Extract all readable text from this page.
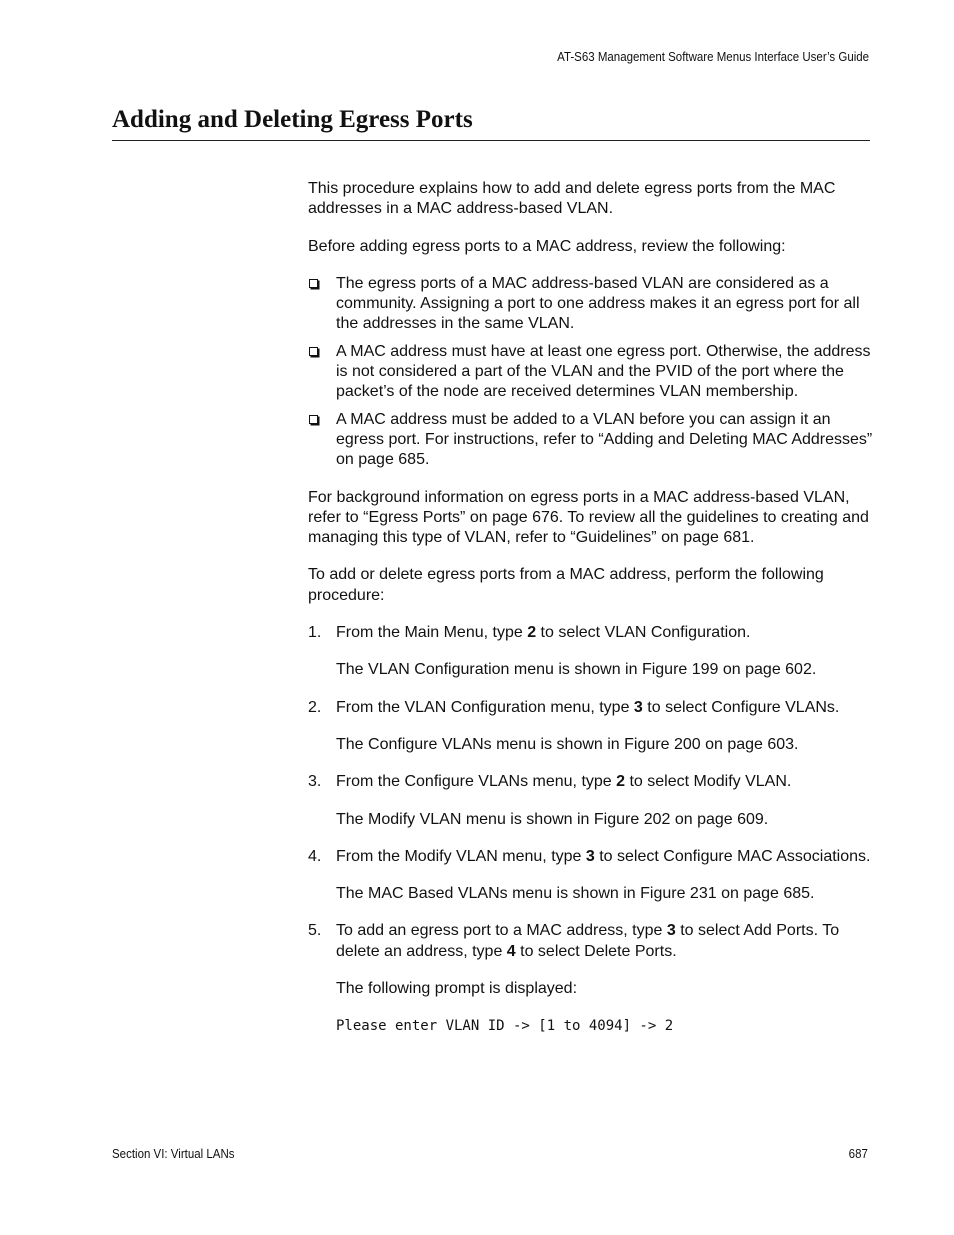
AT-S63 Management Software Menus Interface User’s Guide
Adding and Deleting Egress Ports

This procedure explains how to add and delete egress ports from the MAC addresses in a MAC address-based VLAN.

Before adding egress ports to a MAC address, review the following:

The egress ports of a MAC address-based VLAN are considered as a community. Assigning a port to one address makes it an egress port for all the addresses in the same VLAN.
A MAC address must have at least one egress port. Otherwise, the address is not considered a part of the VLAN and the PVID of the port where the packet’s of the node are received determines VLAN membership.
A MAC address must be added to a VLAN before you can assign it an egress port. For instructions, refer to “Adding and Deleting MAC Addresses” on page 685.

For background information on egress ports in a MAC address-based VLAN, refer to “Egress Ports” on page 676. To review all the guidelines to creating and managing this type of VLAN, refer to “Guidelines” on page 681.

To add or delete egress ports from a MAC address, perform the following procedure:

1. From the Main Menu, type 2 to select VLAN Configuration.
The VLAN Configuration menu is shown in Figure 199 on page 602.
2. From the VLAN Configuration menu, type 3 to select Configure VLANs.
The Configure VLANs menu is shown in Figure 200 on page 603.
3. From the Configure VLANs menu, type 2 to select Modify VLAN.
The Modify VLAN menu is shown in Figure 202 on page 609.
4. From the Modify VLAN menu, type 3 to select Configure MAC Associations.
The MAC Based VLANs menu is shown in Figure 231 on page 685.
5. To add an egress port to a MAC address, type 3 to select Add Ports. To delete an address, type 4 to select Delete Ports.
The following prompt is displayed:
Please enter VLAN ID -> [1 to 4094] -> 2
Section VI: Virtual LANs	687
